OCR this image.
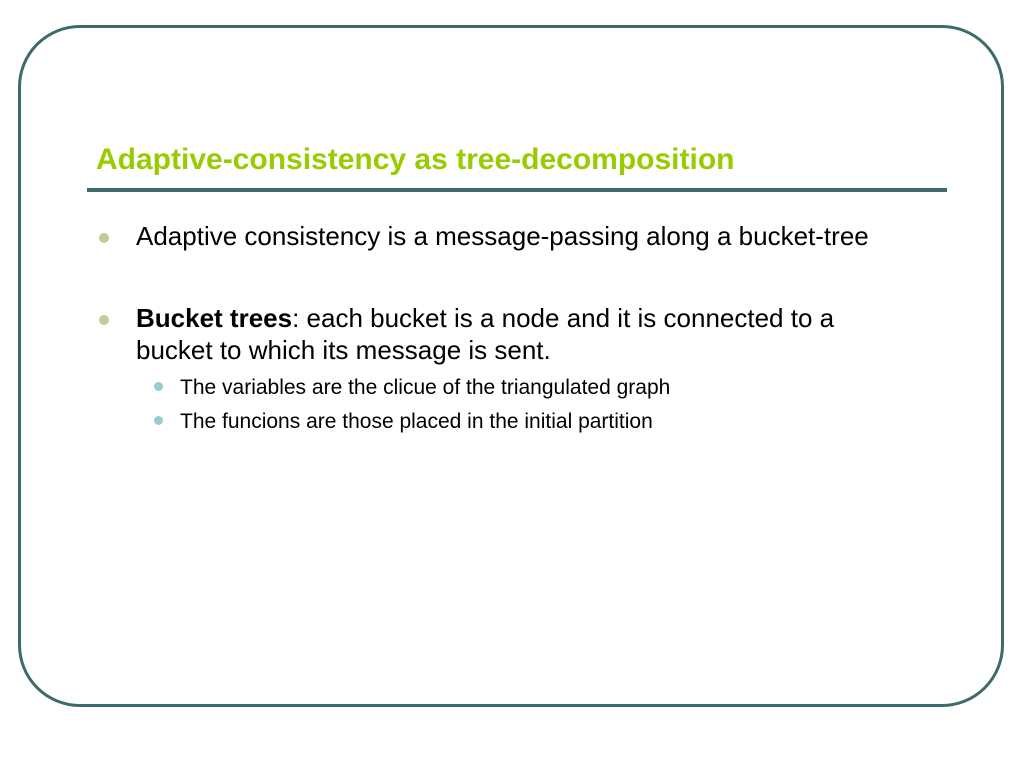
Adaptive-consistency as tree-decomposition
Adaptive consistency is a message-passing along a bucket-tree
Bucket trees: each bucket is a node and it is connected to a bucket to which its message is sent.
The variables are the clicue of the triangulated graph
The funcions are those placed in the initial partition
